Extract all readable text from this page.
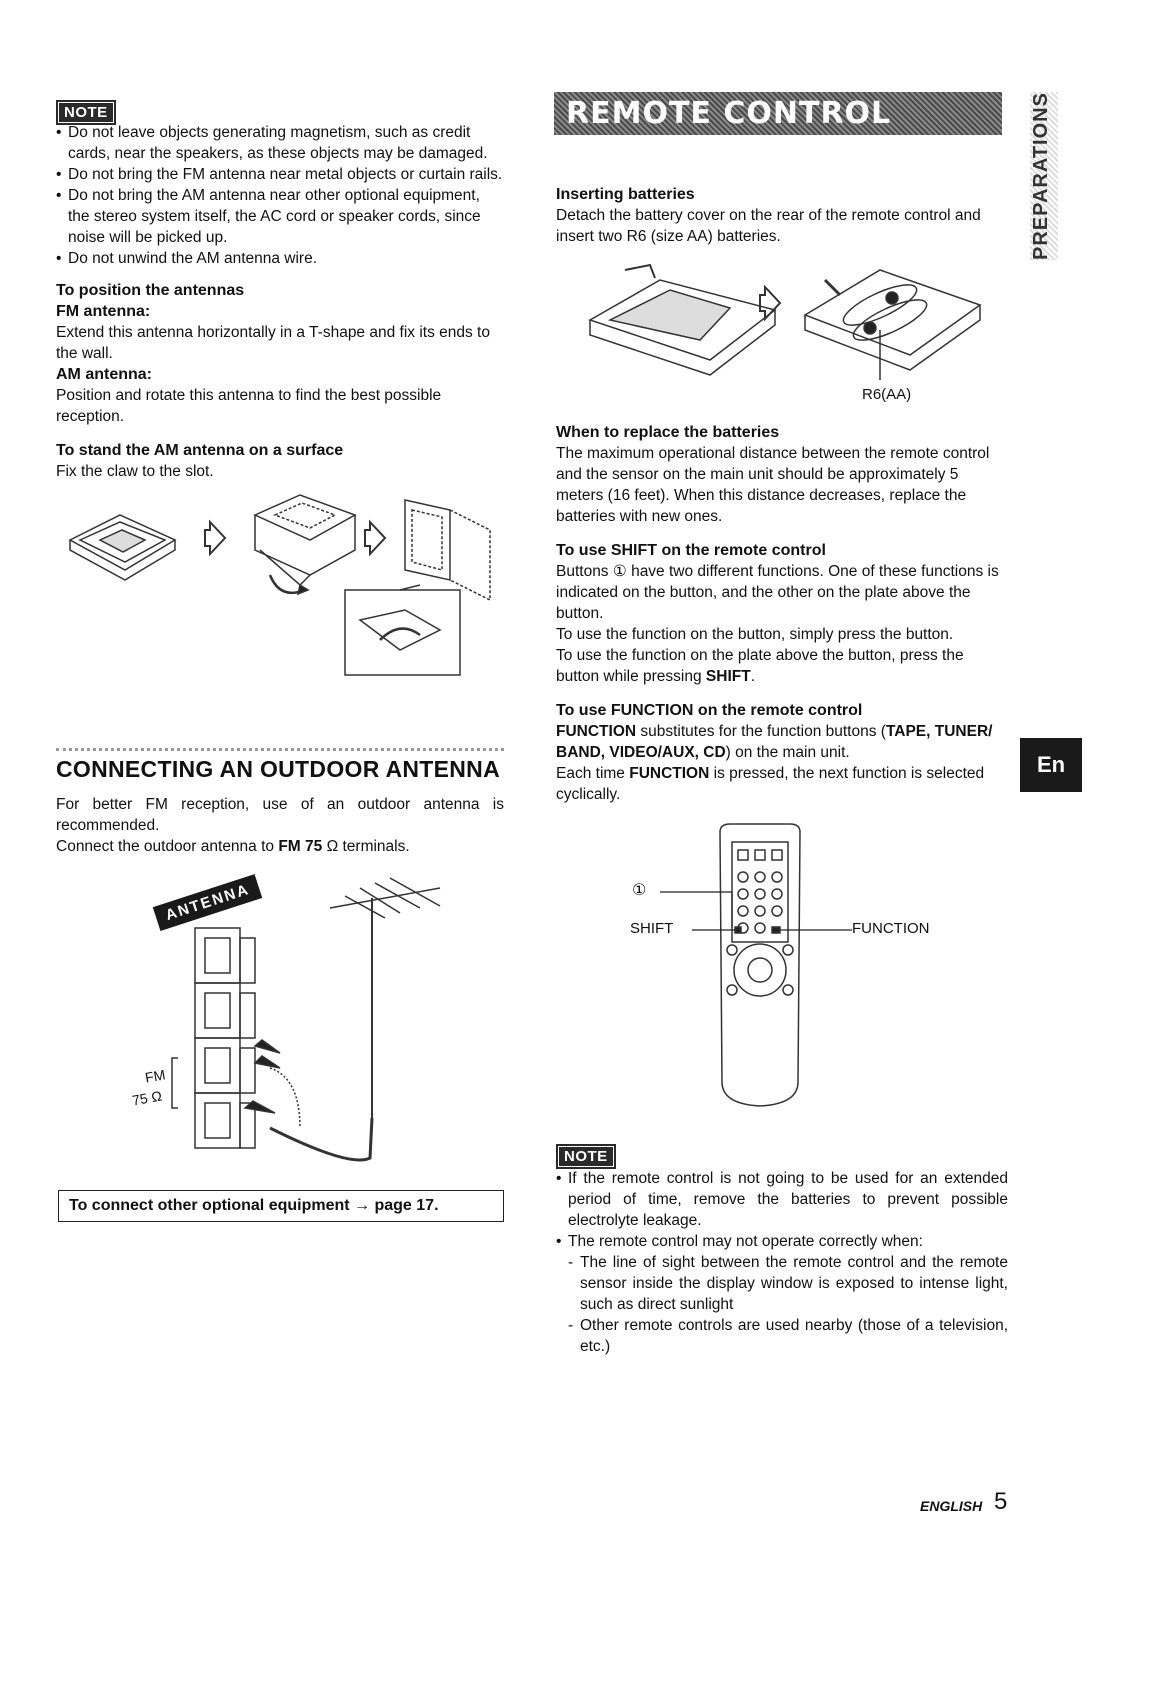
NOTE
• Do not leave objects generating magnetism, such as credit cards, near the speakers, as these objects may be damaged.
• Do not bring the FM antenna near metal objects or curtain rails.
• Do not bring the AM antenna near other optional equipment, the stereo system itself, the AC cord or speaker cords, since noise will be picked up.
• Do not unwind the AM antenna wire.

To position the antennas

FM antenna:

Extend this antenna horizontally in a T-shape and fix its ends to the wall.

AM antenna:

Position and rotate this antenna to find the best possible reception.

To stand the AM antenna on a surface

Fix the claw to the slot.

CONNECTING AN OUTDOOR ANTENNA

For better FM reception, use of an outdoor antenna is recommended.

Connect the outdoor antenna to FM 75 Ω terminals.

ANTENNA
FM
75 Ω
To connect other optional equipment → page 17.
REMOTE CONTROL	PREPARATIONS

Inserting batteries

Detach the battery cover on the rear of the remote control and insert two R6 (size AA) batteries.

R6(AA)

When to replace the batteries

The maximum operational distance between the remote control and the sensor on the main unit should be approximately 5 meters (16 feet). When this distance decreases, replace the batteries with new ones.

To use SHIFT on the remote control

Buttons ① have two different functions. One of these functions is indicated on the button, and the other on the plate above the button.

To use the function on the button, simply press the button.

To use the function on the plate above the button, press the button while pressing SHIFT.

To use FUNCTION on the remote control

FUNCTION substitutes for the function buttons (TAPE, TUNER/ BAND, VIDEO/AUX, CD) on the main unit.

Each time FUNCTION is pressed, the next function is selected cyclically.

En
①
SHIFT	FUNCTION
NOTE
• If the remote control is not going to be used for an extended period of time, remove the batteries to prevent possible electrolyte leakage.
• The remote control may not operate correctly when:
- The line of sight between the remote control and the remote sensor inside the display window is exposed to intense light, such as direct sunlight
- Other remote controls are used nearby (those of a television, etc.)
ENGLISH 5
